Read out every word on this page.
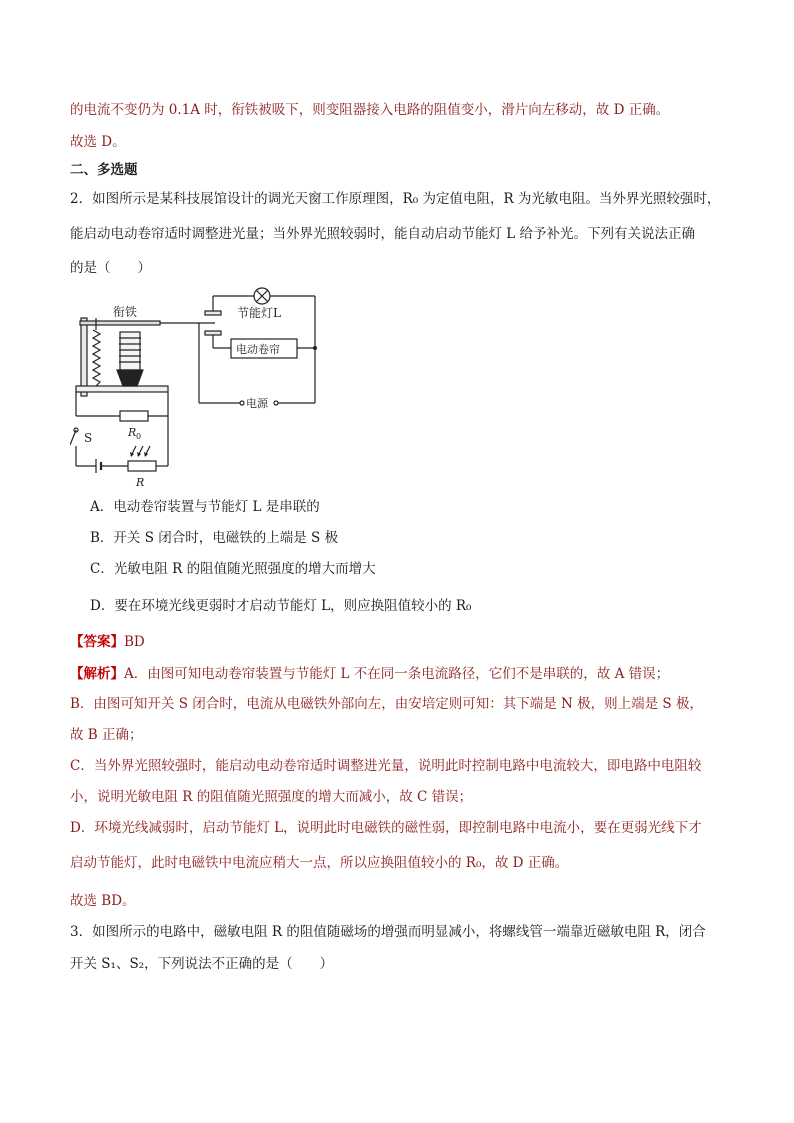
的电流不变仍为 0.1A 时，衔铁被吸下，则变阻器接入电路的阻值变小，滑片向左移动，故 D 正确。
故选 D。
二、多选题
2．如图所示是某科技展馆设计的调光天窗工作原理图，R₀ 为定值电阻，R 为光敏电阻。当外界光照较强时，
能启动电动卷帘适时调整进光量；当外界光照较弱时，能自动启动节能灯 L 给予补光。下列有关说法正确
的是（　　）
衔铁	节能灯L
电动卷帘
电源
S	R 0
R
A．电动卷帘装置与节能灯 L 是串联的
B．开关 S 闭合时，电磁铁的上端是 S 极
C．光敏电阻 R 的阻值随光照强度的增大而增大
D．要在环境光线更弱时才启动节能灯 L，则应换阻值较小的 R₀
【答案】BD
【解析】A．由图可知电动卷帘装置与节能灯 L 不在同一条电流路径，它们不是串联的，故 A 错误；
B．由图可知开关 S 闭合时，电流从电磁铁外部向左，由安培定则可知：其下端是 N 极，则上端是 S 极，
故 B 正确；
C．当外界光照较强时，能启动电动卷帘适时调整进光量，说明此时控制电路中电流较大，即电路中电阻较
小，说明光敏电阻 R 的阻值随光照强度的增大而减小，故 C 错误；
D．环境光线减弱时，启动节能灯 L，说明此时电磁铁的磁性弱，即控制电路中电流小，要在更弱光线下才
启动节能灯，此时电磁铁中电流应稍大一点，所以应换阻值较小的 R₀，故 D 正确。
故选 BD。
3．如图所示的电路中，磁敏电阻 R 的阻值随磁场的增强而明显减小，将螺线管一端靠近磁敏电阻 R，闭合
开关 S₁、S₂，下列说法不正确的是（　　）
